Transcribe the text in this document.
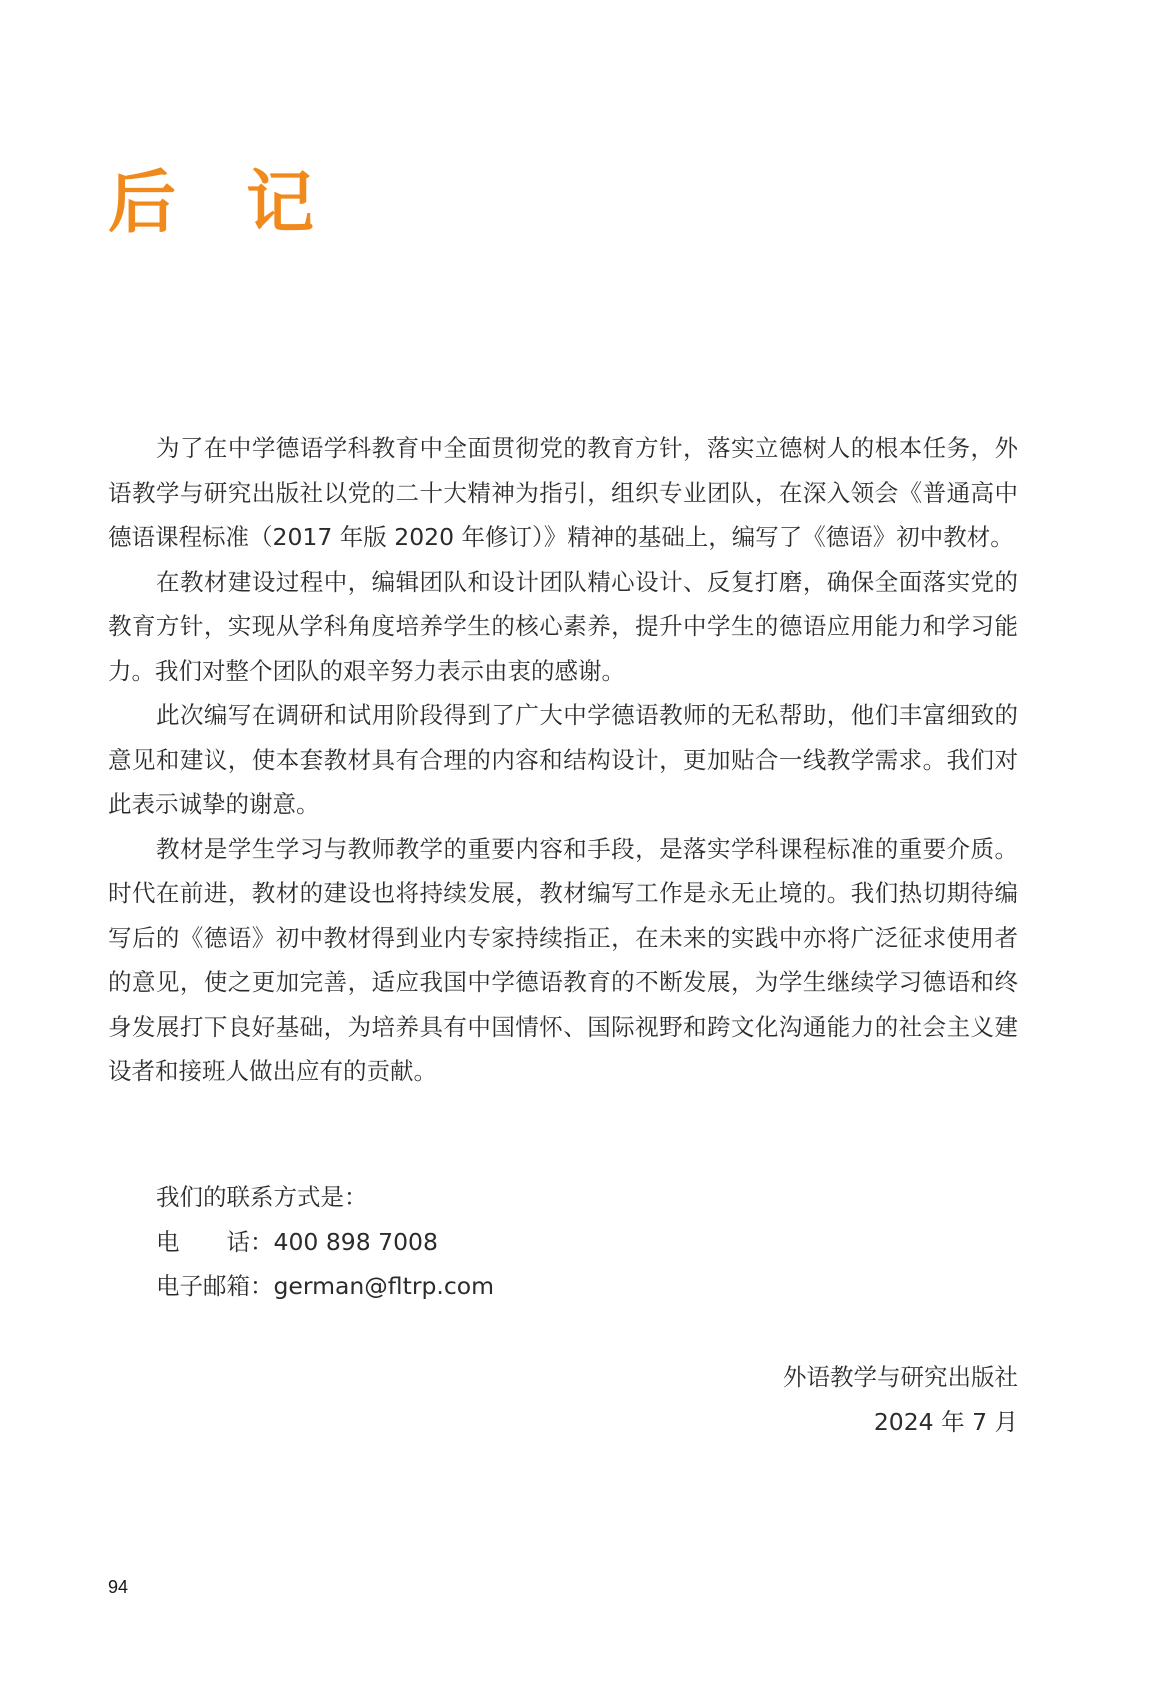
后 记

为了在中学德语学科教育中全面贯彻党的教育方针，落实立德树人的根本任务，外语教学与研究出版社以党的二十大精神为指引，组织专业团队，在深入领会《普通高中德语课程标准（2017 年版 2020 年修订）》精神的基础上，编写了《德语》初中教材。

在教材建设过程中，编辑团队和设计团队精心设计、反复打磨，确保全面落实党的教育方针，实现从学科角度培养学生的核心素养，提升中学生的德语应用能力和学习能力。我们对整个团队的艰辛努力表示由衷的感谢。

此次编写在调研和试用阶段得到了广大中学德语教师的无私帮助，他们丰富细致的意见和建议，使本套教材具有合理的内容和结构设计，更加贴合一线教学需求。我们对此表示诚挚的谢意。

教材是学生学习与教师教学的重要内容和手段，是落实学科课程标准的重要介质。时代在前进，教材的建设也将持续发展，教材编写工作是永无止境的。我们热切期待编写后的《德语》初中教材得到业内专家持续指正，在未来的实践中亦将广泛征求使用者的意见，使之更加完善，适应我国中学德语教育的不断发展，为学生继续学习德语和终身发展打下良好基础，为培养具有中国情怀、国际视野和跨文化沟通能力的社会主义建设者和接班人做出应有的贡献。

我们的联系方式是：
电　　话： 400 898 7008
电子邮箱： german@fltrp.com
外语教学与研究出版社
2024 年 7 月
94
